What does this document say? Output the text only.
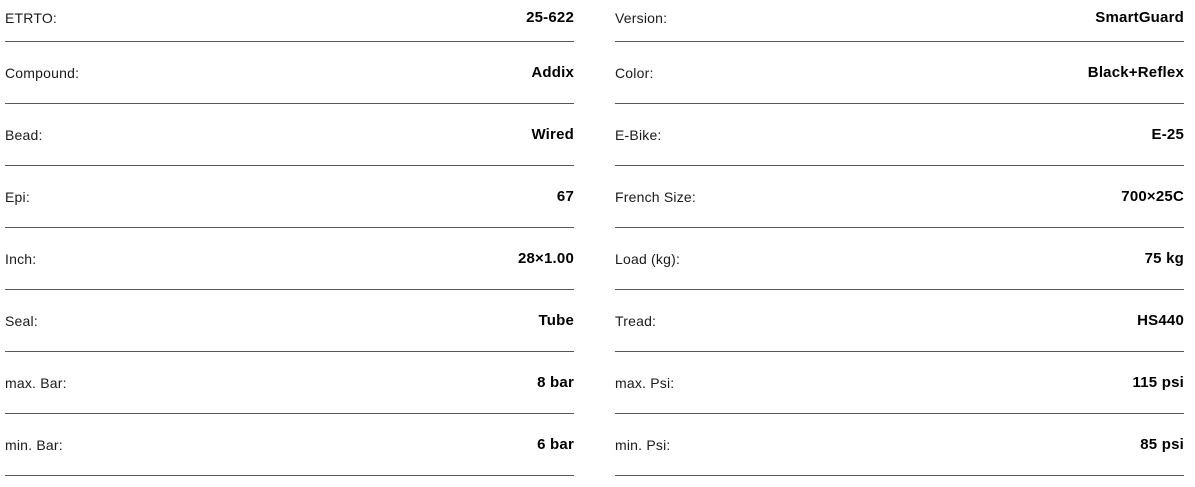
ETRTO:	25-622
Compound:	Addix
Bead:	Wired
Epi:	67
Inch:	28×1.00
Seal:	Tube
max. Bar:	8 bar
min. Bar:	6 bar
Version:	SmartGuard
Color:	Black+Reflex
E-Bike:	E-25
French Size:	700×25C
Load (kg):	75 kg
Tread:	HS440
max. Psi:	115 psi
min. Psi:	85 psi
